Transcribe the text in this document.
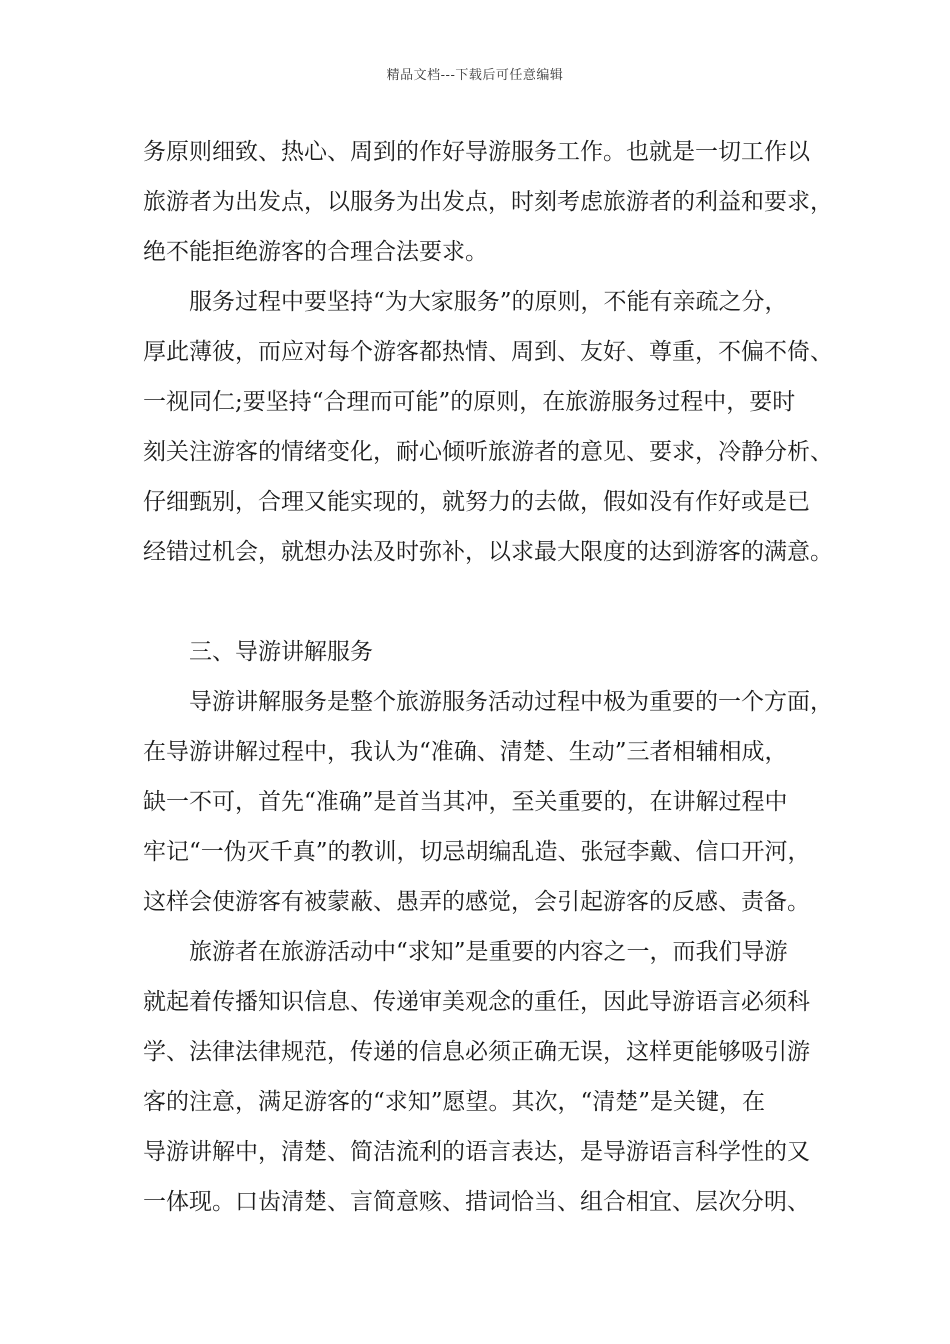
精品文档---下载后可任意编辑
务原则细致、热心、周到的作好导游服务工作。也就是一切工作以
旅游者为出发点，以服务为出发点，时刻考虑旅游者的利益和要求，
绝不能拒绝游客的合理合法要求。
服务过程中要坚持“为大家服务”的原则，不能有亲疏之分，
厚此薄彼，而应对每个游客都热情、周到、友好、尊重，不偏不倚、
一视同仁;要坚持“合理而可能”的原则，在旅游服务过程中，要时
刻关注游客的情绪变化，耐心倾听旅游者的意见、要求，冷静分析、
仔细甄别，合理又能实现的，就努力的去做，假如没有作好或是已
经错过机会，就想办法及时弥补，以求最大限度的达到游客的满意。
三、导游讲解服务
导游讲解服务是整个旅游服务活动过程中极为重要的一个方面，
在导游讲解过程中，我认为“准确、清楚、生动”三者相辅相成，
缺一不可，首先“准确”是首当其冲，至关重要的，在讲解过程中
牢记“一伪灭千真”的教训，切忌胡编乱造、张冠李戴、信口开河，
这样会使游客有被蒙蔽、愚弄的感觉，会引起游客的反感、责备。
旅游者在旅游活动中“求知”是重要的内容之一，而我们导游
就起着传播知识信息、传递审美观念的重任，因此导游语言必须科
学、法律法律规范，传递的信息必须正确无误，这样更能够吸引游
客的注意，满足游客的“求知”愿望。其次，“清楚”是关键，在
导游讲解中，清楚、简洁流利的语言表达，是导游语言科学性的又
一体现。口齿清楚、言简意赅、措词恰当、组合相宜、层次分明、
